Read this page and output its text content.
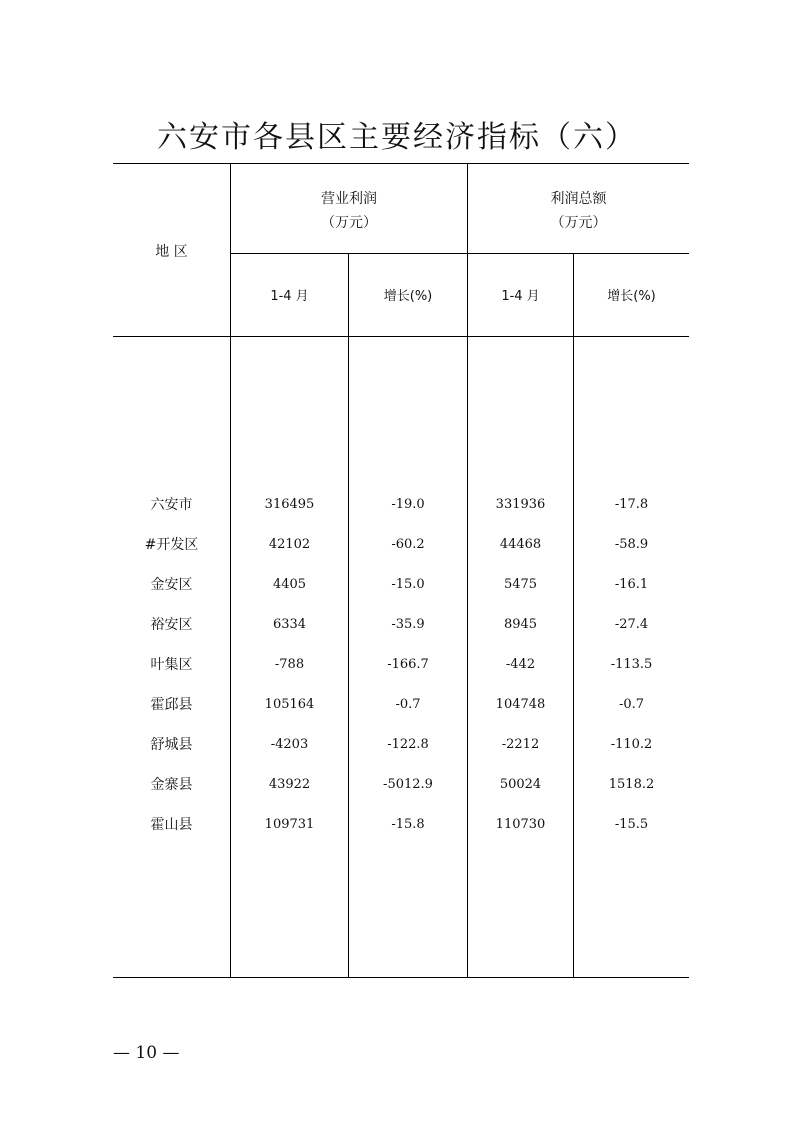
六安市各县区主要经济指标（六）
地 区
营业利润
（万元）
利润总额
（万元）
1-4 月	增长(%)	1-4 月	增长(%)
六安市	316495	-19.0	331936	-17.8
#开发区	42102	-60.2	44468	-58.9
金安区	4405	-15.0	5475	-16.1
裕安区	6334	-35.9	8945	-27.4
叶集区	-788	-166.7	-442	-113.5
霍邱县	105164	-0.7	104748	-0.7
舒城县	-4203	-122.8	-2212	-110.2
金寨县	43922	-5012.9	50024	1518.2
霍山县	109731	-15.8	110730	-15.5
— 10 —
